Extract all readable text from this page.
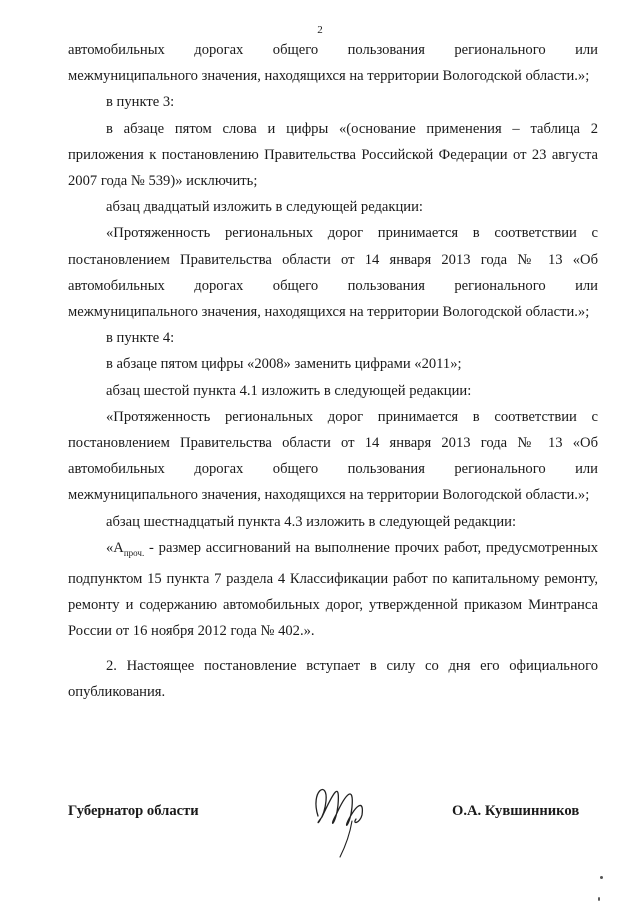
2

автомобильных дорогах общего пользования регионального или межмуниципального значения, находящихся на территории Вологодской области.»;

в пункте 3:

в абзаце пятом слова и цифры «(основание применения – таблица 2 приложения к постановлению Правительства Российской Федерации от 23 августа 2007 года № 539)» исключить;

абзац двадцатый изложить в следующей редакции:

«Протяженность региональных дорог принимается в соответствии с постановлением Правительства области от 14 января 2013 года № 13 «Об автомобильных дорогах общего пользования регионального или межмуниципального значения, находящихся на территории Вологодской области.»;

в пункте 4:

в абзаце пятом цифры «2008» заменить цифрами «2011»;

абзац шестой пункта 4.1 изложить в следующей редакции:

«Протяженность региональных дорог принимается в соответствии с постановлением Правительства области от 14 января 2013 года № 13 «Об автомобильных дорогах общего пользования регионального или межмуниципального значения, находящихся на территории Вологодской области.»;

абзац шестнадцатый пункта 4.3 изложить в следующей редакции:

«$А_{проч.}$ - размер ассигнований на выполнение прочих работ, предусмотренных подпунктом 15 пункта 7 раздела 4 Классификации работ по капитальному ремонту, ремонту и содержанию автомобильных дорог, утвержденной приказом Минтранса России от 16 ноября 2012 года № 402.».

2. Настоящее постановление вступает в силу со дня его официального опубликования.

Губернатор области	О.А. Кувшинников
